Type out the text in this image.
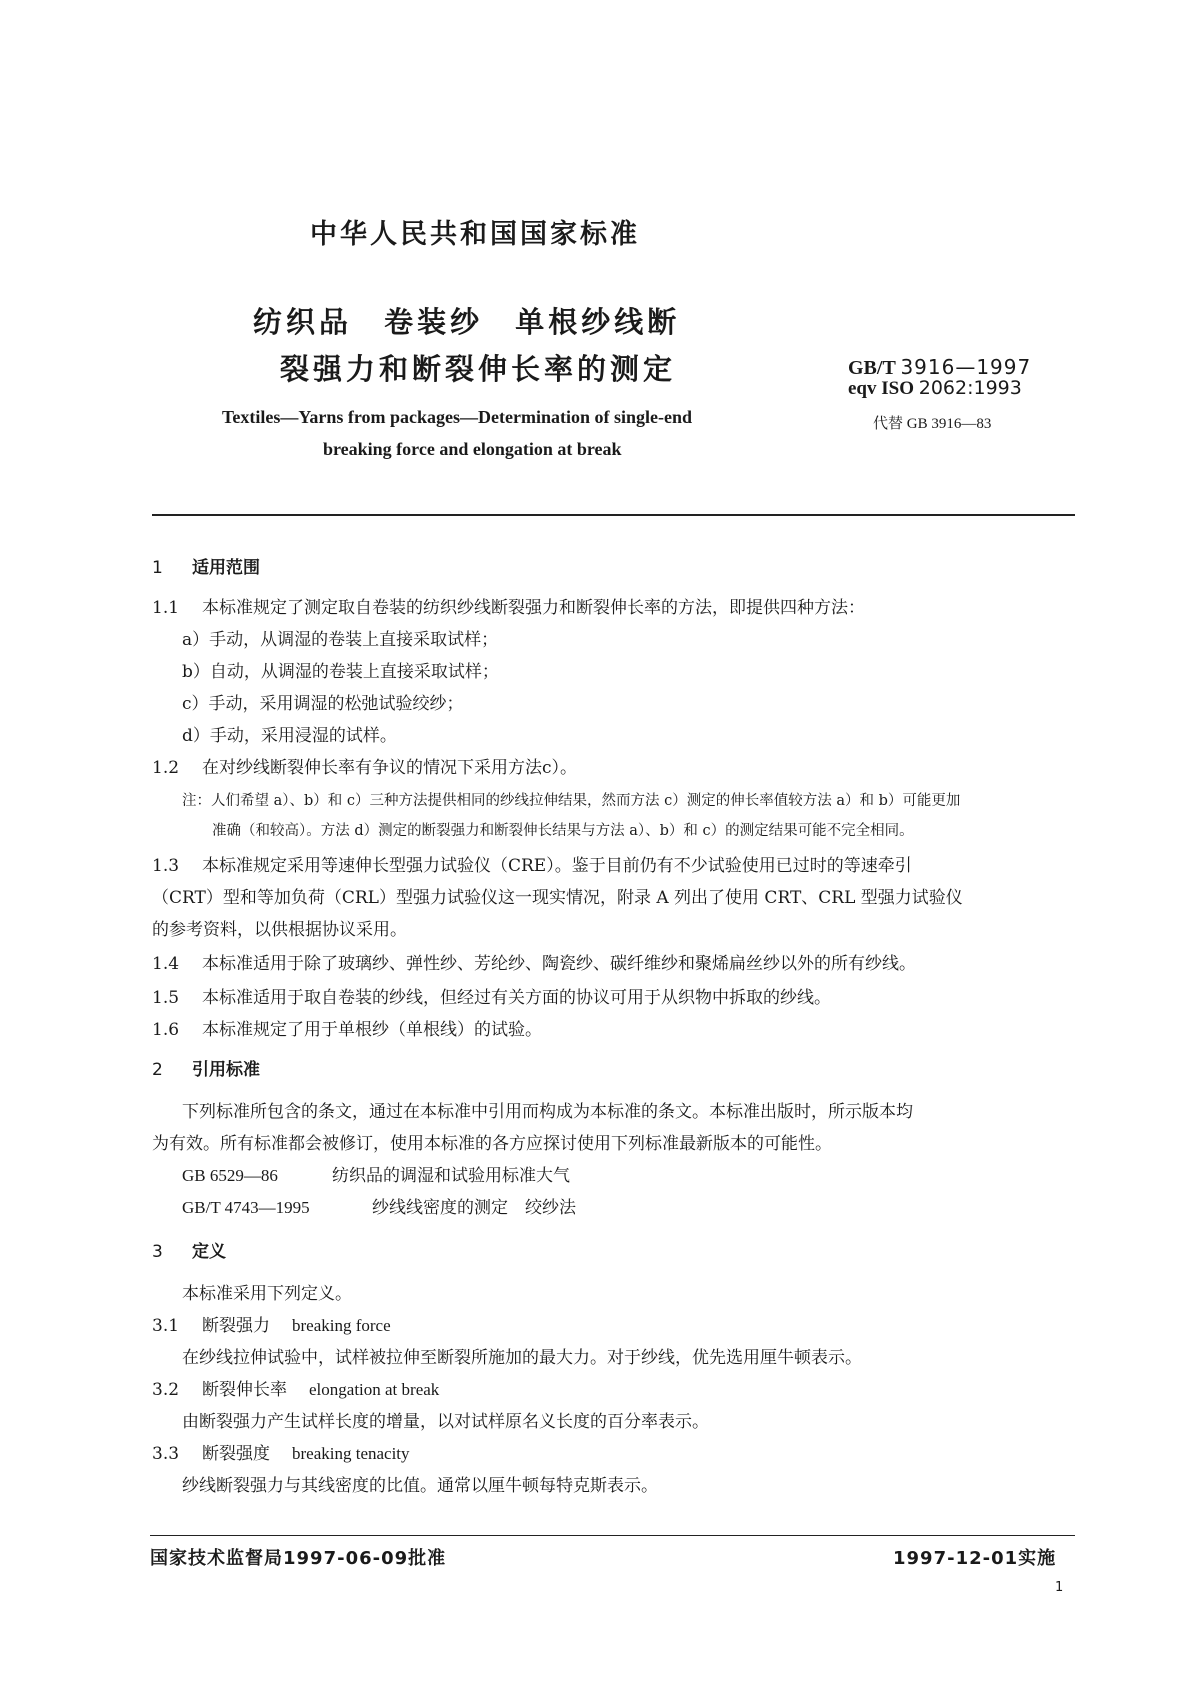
中华人民共和国国家标准
纺织品 卷装纱 单根纱线断
裂强力和断裂伸长率的测定	GB/T 3916—1997
eqv ISO 2062:1993
代替 GB 3916—83
Textiles—Yarns from packages—Determination of single-end
breaking force and elongation at break
1 适用范围
1.1 本标准规定了测定取自卷装的纺织纱线断裂强力和断裂伸长率的方法，即提供四种方法：
a）手动，从调湿的卷装上直接采取试样；
b）自动，从调湿的卷装上直接采取试样；
c）手动，采用调湿的松弛试验绞纱；
d）手动，采用浸湿的试样。
1.2 在对纱线断裂伸长率有争议的情况下采用方法c）。
注：人们希望 a）、b）和 c）三种方法提供相同的纱线拉伸结果，然而方法 c）测定的伸长率值较方法 a）和 b）可能更加
准确（和较高）。方法 d）测定的断裂强力和断裂伸长结果与方法 a）、b）和 c）的测定结果可能不完全相同。
1.3 本标准规定采用等速伸长型强力试验仪（CRE）。鉴于目前仍有不少试验使用已过时的等速牵引
（CRT）型和等加负荷（CRL）型强力试验仪这一现实情况，附录 A 列出了使用 CRT、CRL 型强力试验仪
的参考资料，以供根据协议采用。
1.4 本标准适用于除了玻璃纱、弹性纱、芳纶纱、陶瓷纱、碳纤维纱和聚烯扁丝纱以外的所有纱线。
1.5 本标准适用于取自卷装的纱线，但经过有关方面的协议可用于从织物中拆取的纱线。
1.6 本标准规定了用于单根纱（单根线）的试验。
2 引用标准
下列标准所包含的条文，通过在本标准中引用而构成为本标准的条文。本标准出版时，所示版本均
为有效。所有标准都会被修订，使用本标准的各方应探讨使用下列标准最新版本的可能性。
GB 6529—86	纺织品的调湿和试验用标准大气
GB/T 4743—1995	纱线线密度的测定　绞纱法
3 定义
本标准采用下列定义。
3.1 断裂强力 breaking force
在纱线拉伸试验中，试样被拉伸至断裂所施加的最大力。对于纱线，优先选用厘牛顿表示。
3.2 断裂伸长率 elongation at break
由断裂强力产生试样长度的增量，以对试样原名义长度的百分率表示。
3.3 断裂强度 breaking tenacity
纱线断裂强力与其线密度的比值。通常以厘牛顿每特克斯表示。
国家技术监督局1997-06-09批准	1997-12-01实施
1
